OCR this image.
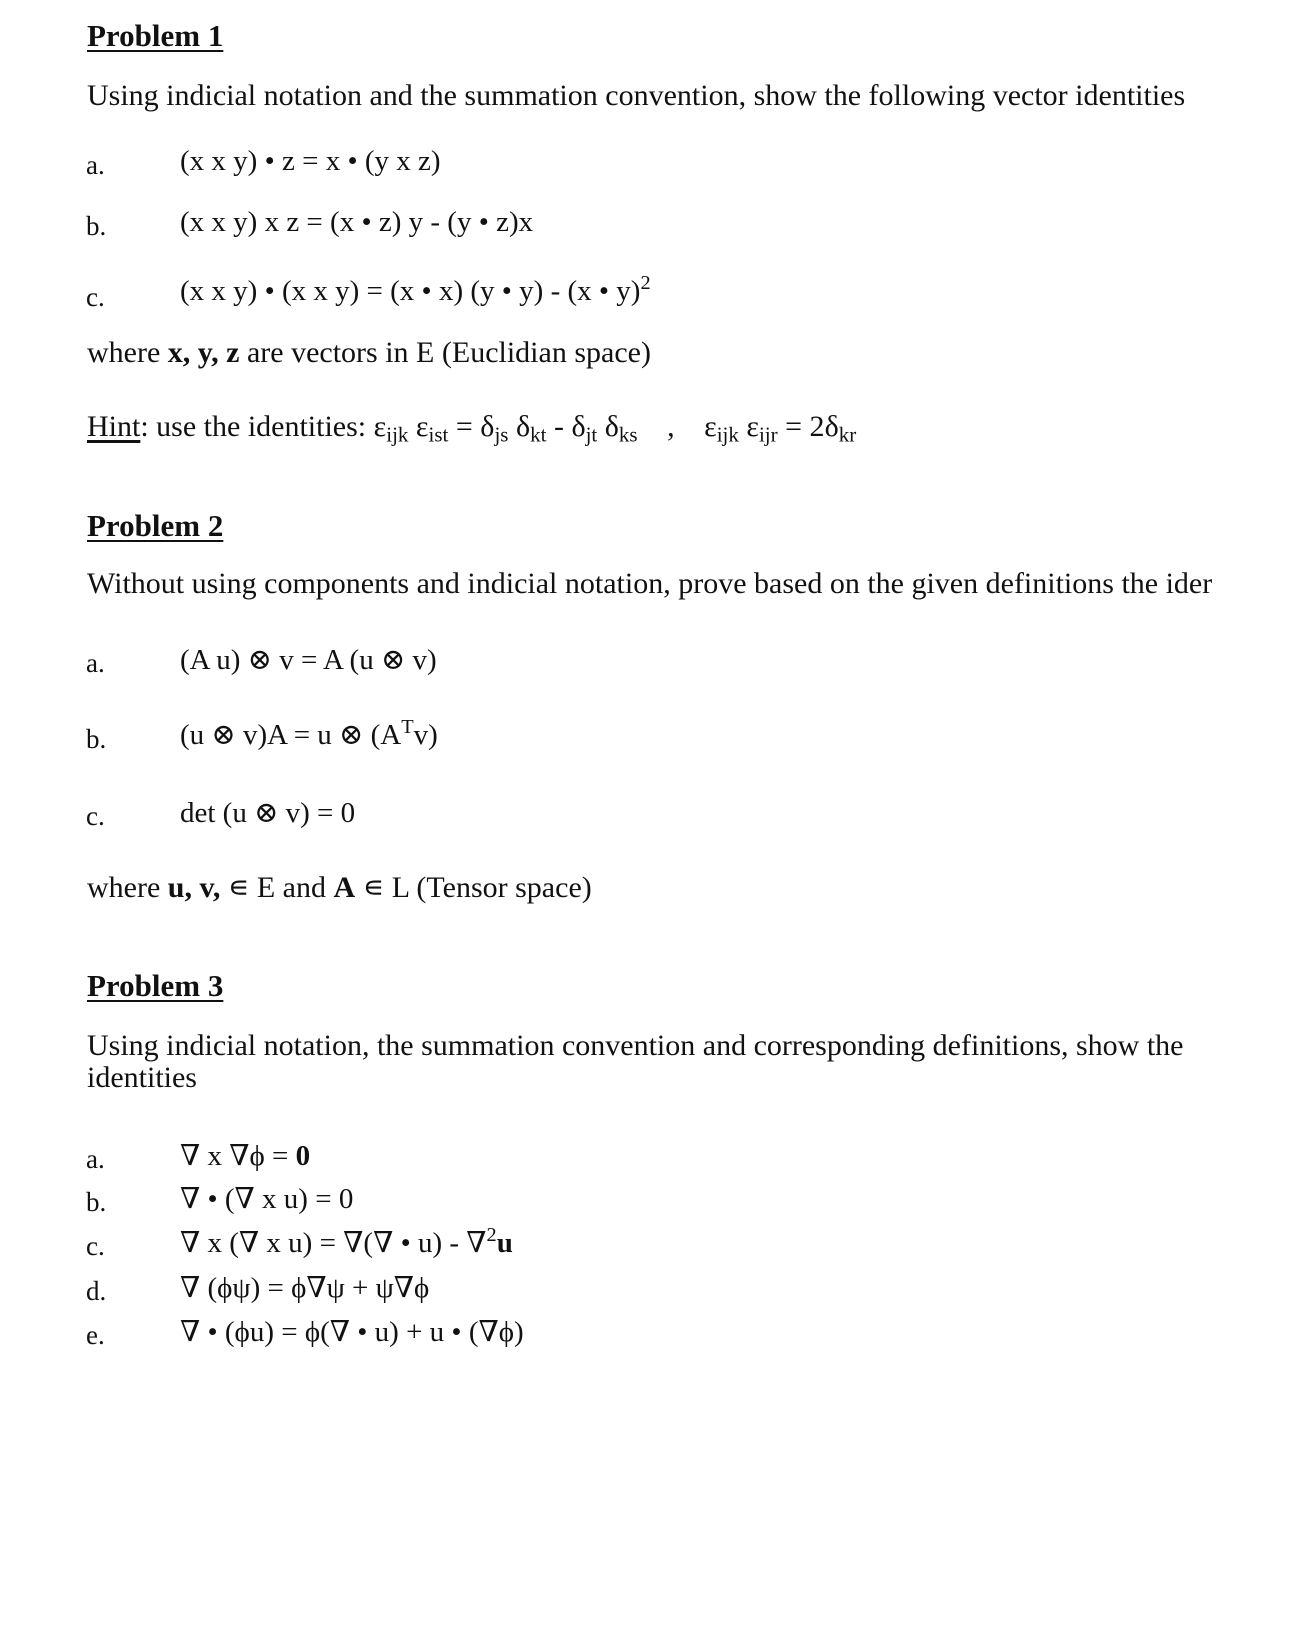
Problem 1
Using indicial notation and the summation convention, show the following vector identities
a.	(x x y) • z = x • (y x z)
b.	(x x y) x z = (x • z) y - (y • z)x
c.	(x x y) • (x x y) = (x • x) (y • y) - (x • y)$^2$
where x, y, z are vectors in E (Euclidian space)
Hint: use the identities: $\varepsilon_{ijk}$ $\varepsilon_{ist} = \delta_{js}$ $\delta_{kt} - \delta_{jt}$ $\delta_{ks}$ , $\varepsilon_{ijk}$ $\varepsilon_{ijr} = 2\delta_{kr}$
Problem 2
Without using components and indicial notation, prove based on the given definitions the ider
a.	(A u) ⊗ v = A (u ⊗ v)
b.	(u ⊗ v)A = u ⊗ $(A^Tv)$
c.	det (u ⊗ v) = 0
where u, v, ∊ E and A ∊ L (Tensor space)
Problem 3
Using indicial notation, the summation convention and corresponding definitions, show the identities
a.	∇ x ∇ϕ = 0
b.	∇ • (∇ x u) = 0
c.	∇ x (∇ x u) = ∇(∇ • u) - ∇$^2$u
d.	∇ (ϕψ) = ϕ∇ψ + ψ∇ϕ
e.	∇ • (ϕu) = ϕ(∇ • u) + u • (∇ϕ)
